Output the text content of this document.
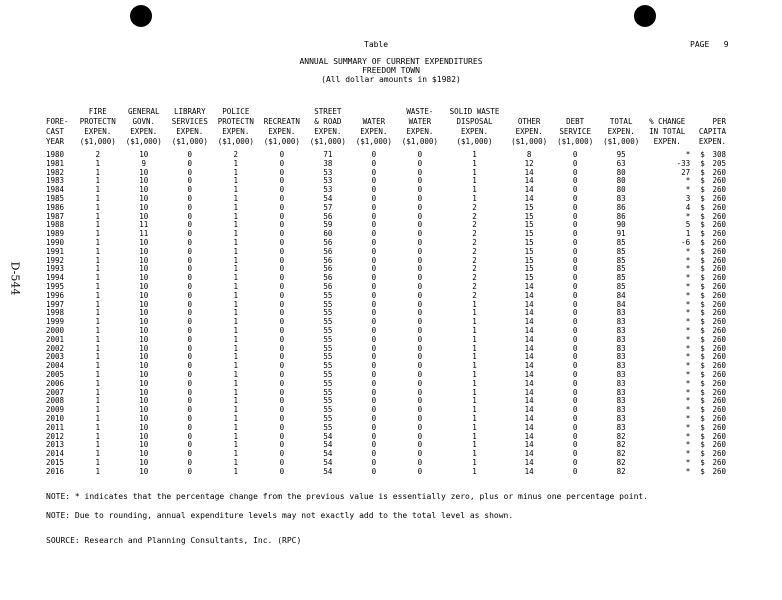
D-544
Table	PAGE 9
ANNUAL SUMMARY OF CURRENT EXPENDITURES
FREEDOM TOWN
(All dollar amounts in $1982)
	FIRE	GENERAL	LIBRARY	POLICE		STREET		WASTE-	SOLID WASTE						
FORE-	PROTECTN	GOVN.	SERVICES	PROTECTN	RECREATN	& ROAD	WATER	WATER	DISPOSAL	OTHER	DEBT	TOTAL	% CHANGE	PER	
CAST	EXPEN.	EXPEN.	EXPEN.	EXPEN.	EXPEN.	EXPEN.	EXPEN.	EXPEN.	EXPEN.	EXPEN.	SERVICE	EXPEN.	IN TOTAL	CAPITA	
YEAR	($1,000)	($1,000)	($1,000)	($1,000)	($1,000)	($1,000)	($1,000)	($1,000)	($1,000)	($1,000)	($1,000)	($1,000)	EXPEN.	EXPEN.	

1980	2	10	0	2	0	71	0	0	1	8	0	95	*	$	308
1981	1	9	0	1	0	38	0	0	1	12	0	63	-33	$	205
1982	1	10	0	1	0	53	0	0	1	14	0	80	27	$	260
1983	1	10	0	1	0	53	0	0	1	14	0	80	*	$	260
1984	1	10	0	1	0	53	0	0	1	14	0	80	*	$	260
1985	1	10	0	1	0	54	0	0	1	14	0	83	3	$	260
1986	1	10	0	1	0	57	0	0	2	15	0	86	4	$	260
1987	1	10	0	1	0	56	0	0	2	15	0	86	*	$	260
1988	1	11	0	1	0	59	0	0	2	15	0	90	5	$	260
1989	1	11	0	1	0	60	0	0	2	15	0	91	1	$	260
1990	1	10	0	1	0	56	0	0	2	15	0	85	-6	$	260
1991	1	10	0	1	0	56	0	0	2	15	0	85	*	$	260
1992	1	10	0	1	0	56	0	0	2	15	0	85	*	$	260
1993	1	10	0	1	0	56	0	0	2	15	0	85	*	$	260
1994	1	10	0	1	0	56	0	0	2	15	0	85	*	$	260
1995	1	10	0	1	0	56	0	0	2	14	0	85	*	$	260
1996	1	10	0	1	0	55	0	0	2	14	0	84	*	$	260
1997	1	10	0	1	0	55	0	0	1	14	0	84	*	$	260
1998	1	10	0	1	0	55	0	0	1	14	0	83	*	$	260
1999	1	10	0	1	0	55	0	0	1	14	0	83	*	$	260
2000	1	10	0	1	0	55	0	0	1	14	0	83	*	$	260
2001	1	10	0	1	0	55	0	0	1	14	0	83	*	$	260
2002	1	10	0	1	0	55	0	0	1	14	0	83	*	$	260
2003	1	10	0	1	0	55	0	0	1	14	0	83	*	$	260
2004	1	10	0	1	0	55	0	0	1	14	0	83	*	$	260
2005	1	10	0	1	0	55	0	0	1	14	0	83	*	$	260
2006	1	10	0	1	0	55	0	0	1	14	0	83	*	$	260
2007	1	10	0	1	0	55	0	0	1	14	0	83	*	$	260
2008	1	10	0	1	0	55	0	0	1	14	0	83	*	$	260
2009	1	10	0	1	0	55	0	0	1	14	0	83	*	$	260
2010	1	10	0	1	0	55	0	0	1	14	0	83	*	$	260
2011	1	10	0	1	0	55	0	0	1	14	0	83	*	$	260
2012	1	10	0	1	0	54	0	0	1	14	0	82	*	$	260
2013	1	10	0	1	0	54	0	0	1	14	0	82	*	$	260
2014	1	10	0	1	0	54	0	0	1	14	0	82	*	$	260
2015	1	10	0	1	0	54	0	0	1	14	0	82	*	$	260
2016	1	10	0	1	0	54	0	0	1	14	0	82	*	$	260
NOTE: * indicates that the percentage change from the previous value is essentially zero, plus or minus one percentage point.
NOTE: Due to rounding, annual expenditure levels may not exactly add to the total level as shown.
SOURCE: Research and Planning Consultants, Inc. (RPC)
